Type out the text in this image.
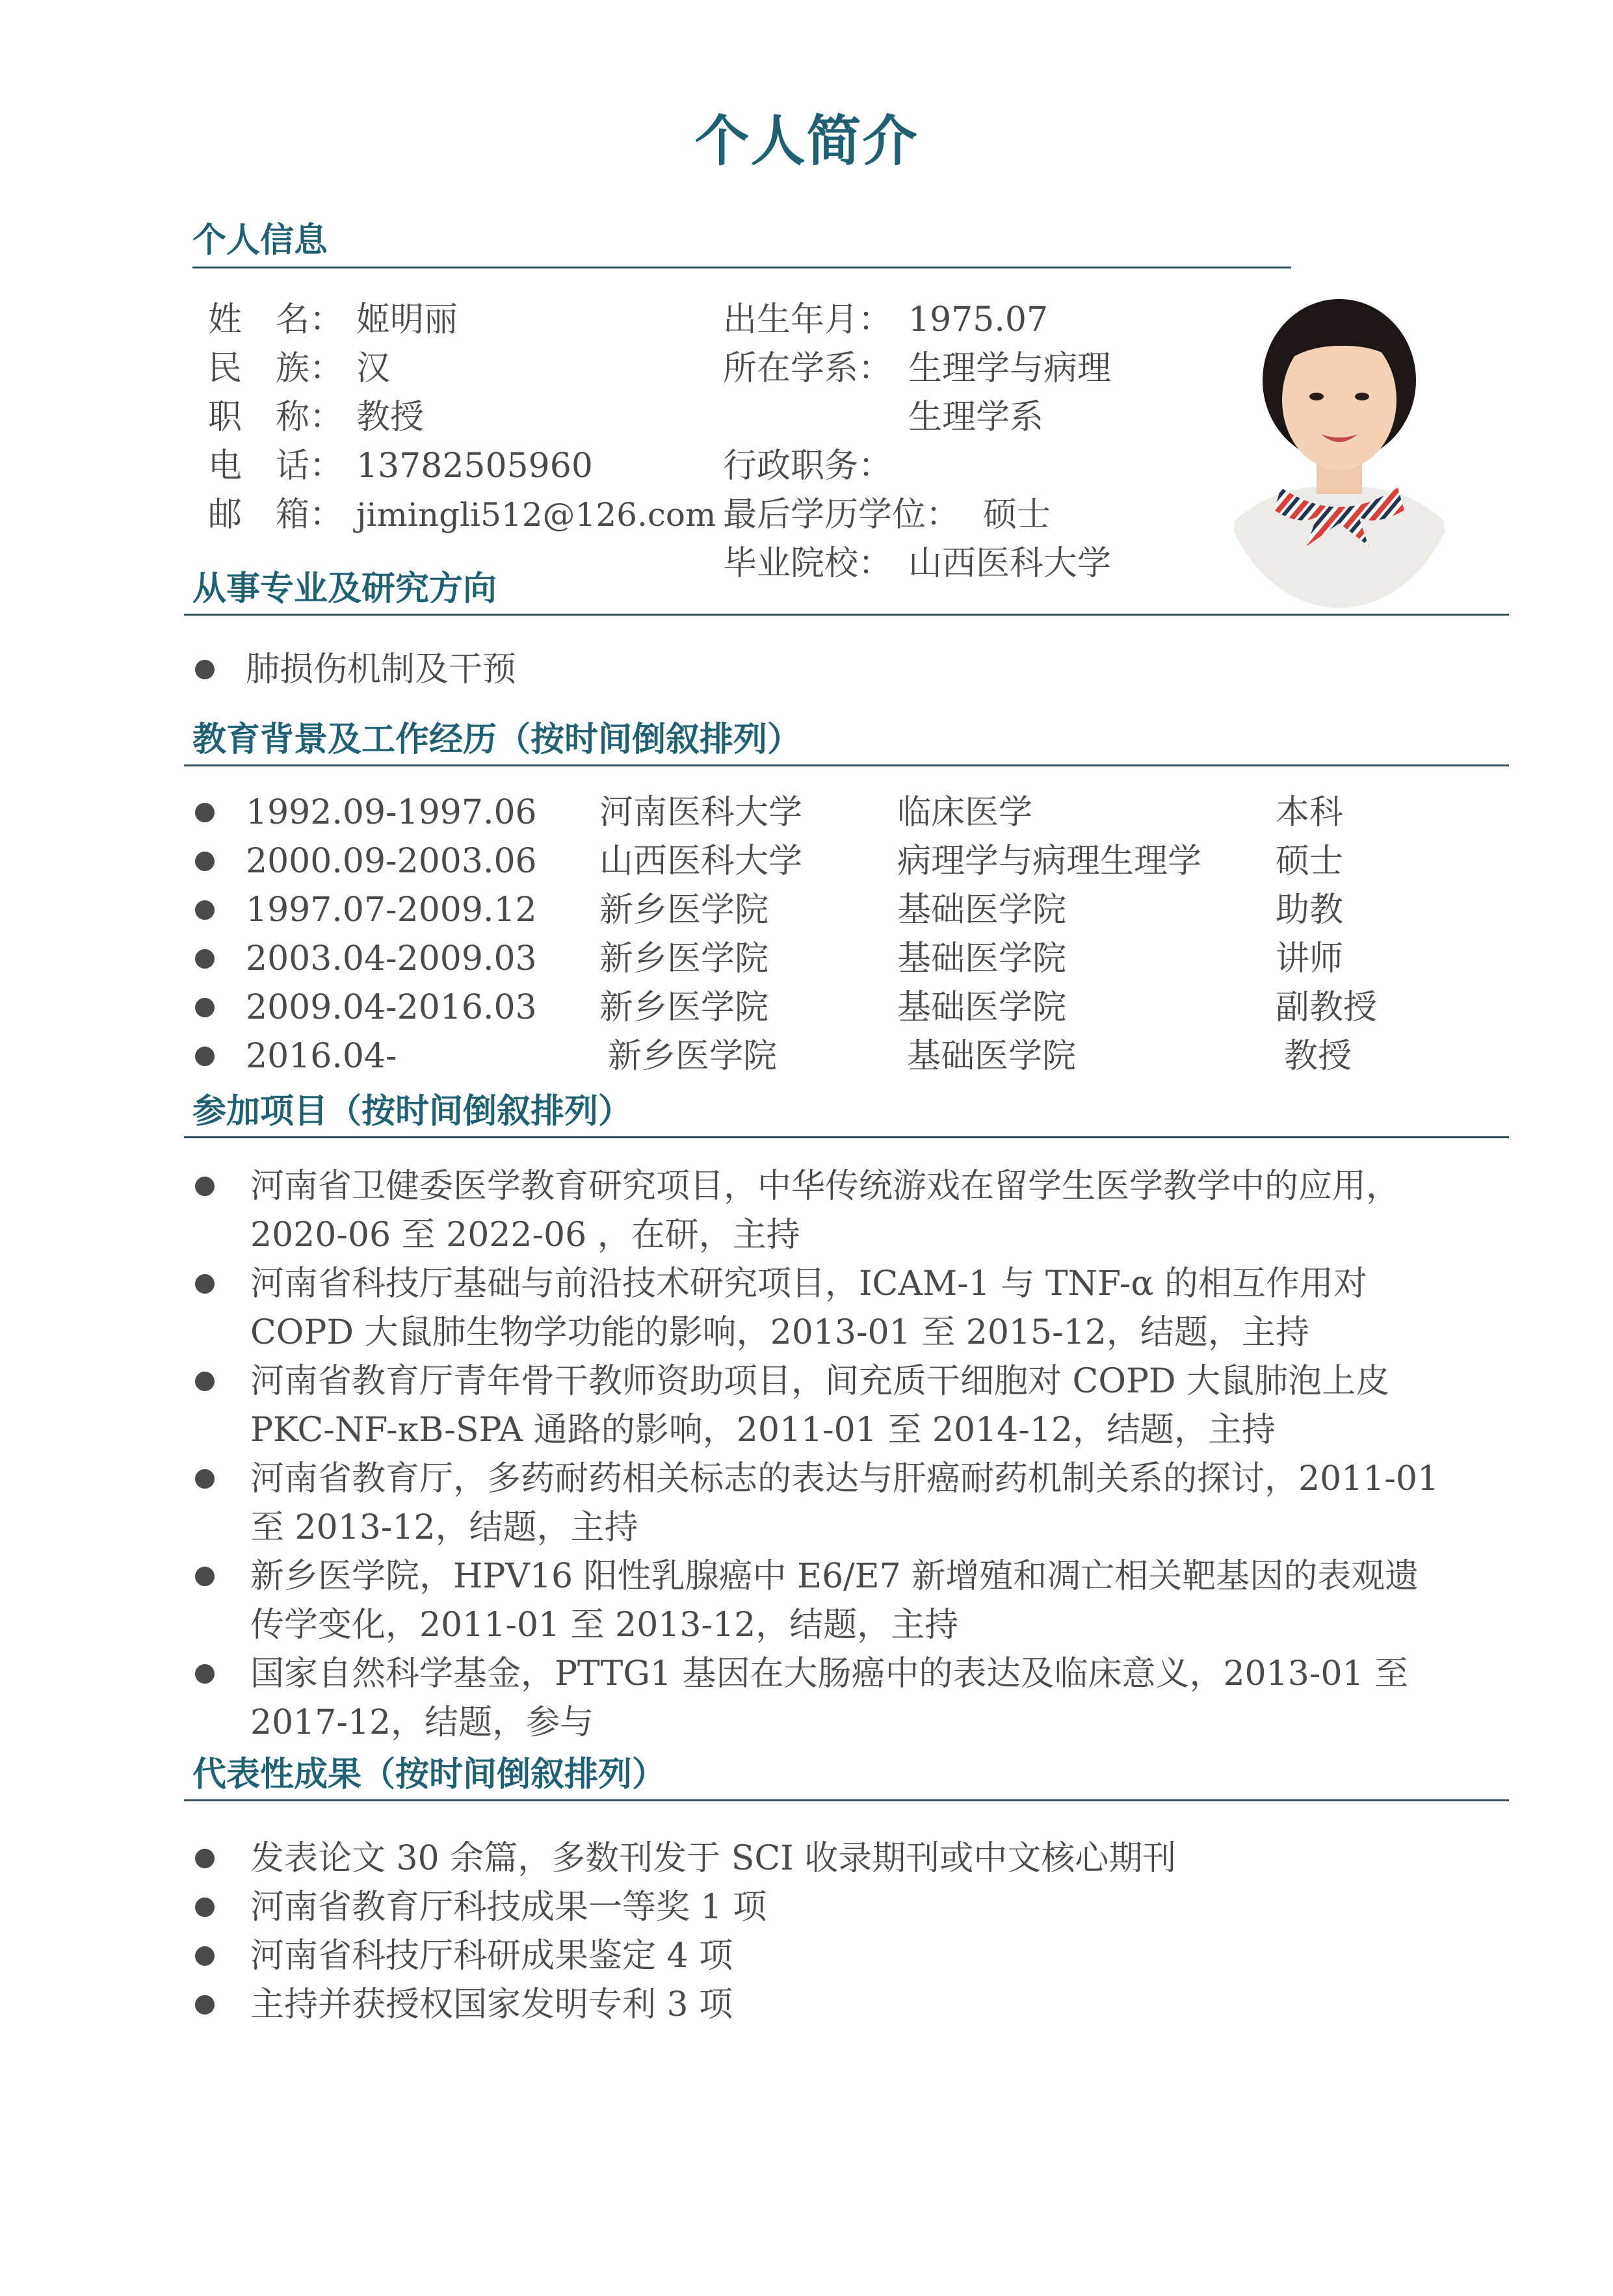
个人简介
个人信息
姓　名： 姬明丽
民　族： 汉
职　称： 教授
电　话： 13782505960
邮　箱： jimingli512@126.com
出生年月： 1975.07
所在学系： 生理学与病理
生理学系
行政职务：
最后学历学位： 硕士
毕业院校： 山西医科大学
从事专业及研究方向
肺损伤机制及干预
教育背景及工作经历（按时间倒叙排列）
1992.09-1997.06 河南医科大学	临床医学	本科
2000.09-2003.06 山西医科大学	病理学与病理生理学 硕士
1997.07-2009.12 新乡医学院	基础医学院	助教
2003.04-2009.03 新乡医学院	基础医学院	讲师
2009.04-2016.03 新乡医学院	基础医学院	副教授
2016.04-	新乡医学院	基础医学院	教授
参加项目（按时间倒叙排列）
河南省卫健委医学教育研究项目，中华传统游戏在留学生医学教学中的应用，
2020-06 至 2022-06 ，在研，主持
河南省科技厅基础与前沿技术研究项目，ICAM-1 与 TNF-α 的相互作用对
COPD 大鼠肺生物学功能的影响，2013-01 至 2015-12，结题，主持
河南省教育厅青年骨干教师资助项目，间充质干细胞对 COPD 大鼠肺泡上皮
PKC-NF-κB-SPA 通路的影响，2011-01 至 2014-12，结题，主持
河南省教育厅，多药耐药相关标志的表达与肝癌耐药机制关系的探讨，2011-01
至 2013-12，结题，主持
新乡医学院，HPV16 阳性乳腺癌中 E6/E7 新增殖和凋亡相关靶基因的表观遗
传学变化，2011-01 至 2013-12，结题，主持
国家自然科学基金，PTTG1 基因在大肠癌中的表达及临床意义，2013-01 至
2017-12，结题，参与
代表性成果（按时间倒叙排列）
发表论文 30 余篇，多数刊发于 SCI 收录期刊或中文核心期刊
河南省教育厅科技成果一等奖 1 项
河南省科技厅科研成果鉴定 4 项
主持并获授权国家发明专利 3 项
